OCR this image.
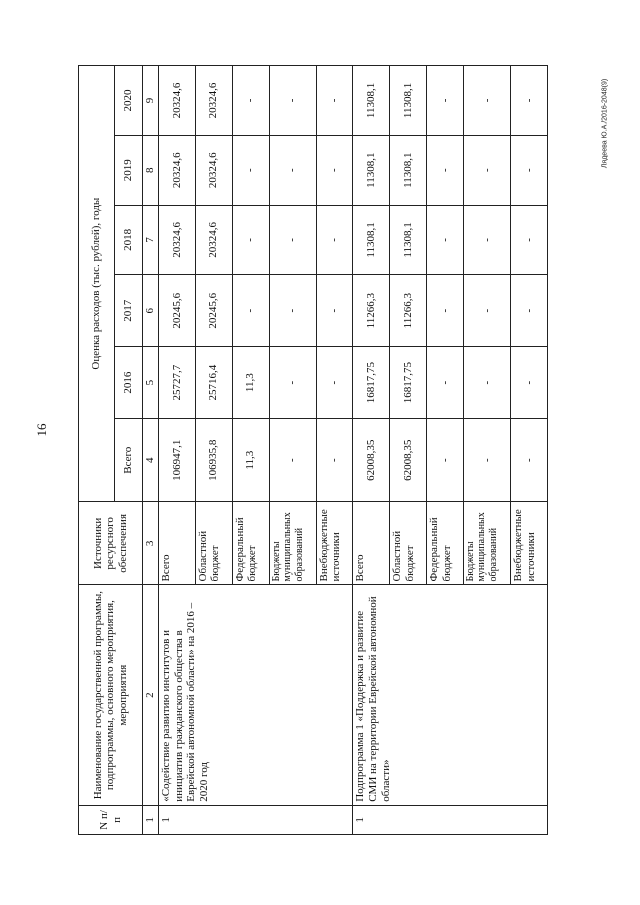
16
Лядеева Ю.А./2016-2048(9)
N п/п	Наименование государственной программы, подпрограммы, основного мероприятия, мероприятия	Источники ресурсного обеспечения	Оценка расходов (тыс. рублей), годы					
			Всего	2016	2017	2018	2019	2020
1	2	3	4	5	6	7	8	9
1	«Содействие развитию институтов и инициатив гражданского общества в Еврейской автономной области» на 2016 – 2020 год	Всего	106947,1	25727,7	20245,6	20324,6	20324,6	20324,6
		Областной бюджет	106935,8	25716,4	20245,6	20324,6	20324,6	20324,6
		Федеральный бюджет	11,3	11,3	-	-	-	-
		Бюджеты муниципальных образований	-	-	-	-	-	-
		Внебюджетные источники	-	-	-	-	-	-
1	Подпрограмма 1 «Поддержка и развитие СМИ на территории Еврейской автономной области»	Всего	62008,35	16817,75	11266,3	11308,1	11308,1	11308,1
		Областной бюджет	62008,35	16817,75	11266,3	11308,1	11308,1	11308,1
		Федеральный бюджет	-	-	-	-	-	-
		Бюджеты муниципальных образований	-	-	-	-	-	-
		Внебюджетные источники	-	-	-	-	-	-
